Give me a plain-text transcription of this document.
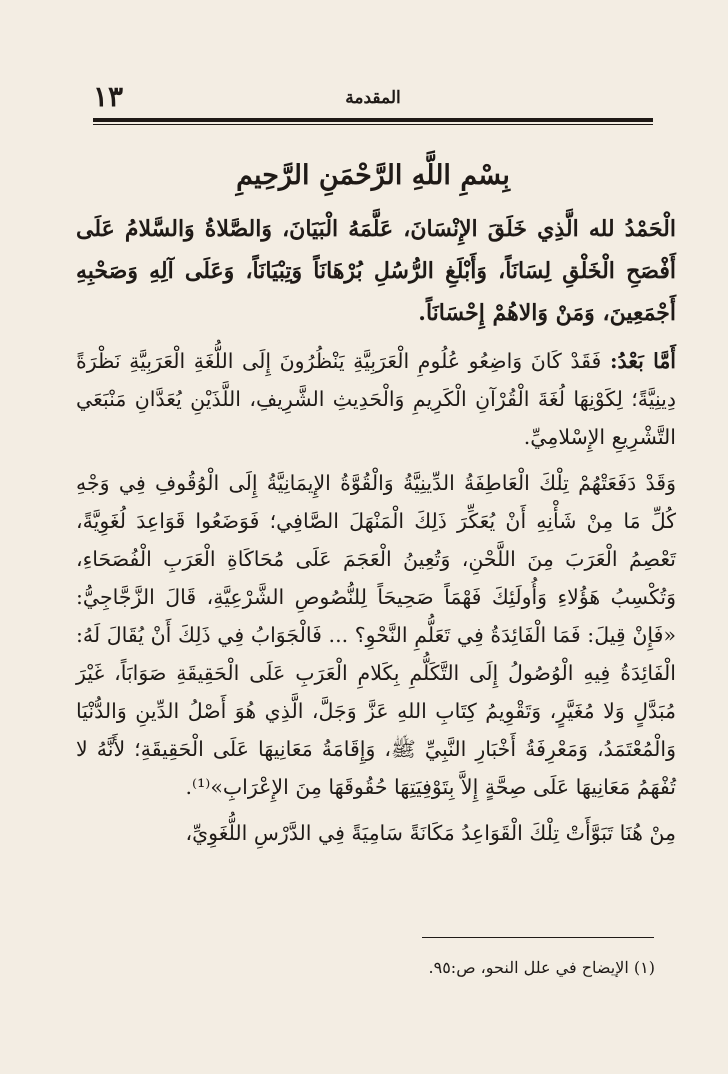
١٣	المقدمة
بِسْمِ اللَّهِ الرَّحْمَنِ الرَّحِيمِ

الْحَمْدُ لله الَّذِي خَلَقَ الإِنْسَانَ، عَلَّمَهُ الْبَيَانَ، وَالصَّلاةُ وَالسَّلامُ عَلَى أَفْصَحِ الْخَلْقِ لِسَانَاً، وَأَبْلَغِ الرُّسُلِ بُرْهَانَاً وَتِبْيَانَاً، وَعَلَى آلِهِ وَصَحْبِهِ أَجْمَعِينَ، وَمَنْ وَالاهُمْ إِحْسَانَاً.

أَمَّا بَعْدُ: فَقَدْ كَانَ وَاضِعُو عُلُومِ الْعَرَبِيَّةِ يَنْظُرُونَ إِلَى اللُّغَةِ الْعَرَبِيَّةِ نَظْرَةً دِينِيَّةً؛ لِكَوْنِهَا لُغَةَ الْقُرْآنِ الْكَرِيمِ وَالْحَدِيثِ الشَّرِيفِ، اللَّذَيْنِ يُعَدَّانِ مَنْبَعَي التَّشْرِيعِ الإِسْلامِيِّ.

وَقَدْ دَفَعَتْهُمْ تِلْكَ الْعَاطِفَةُ الدِّينِيَّةُ وَالْقُوَّةُ الإِيمَانِيَّةُ إِلَى الْوُقُوفِ فِي وَجْهِ كُلِّ مَا مِنْ شَأْنِهِ أَنْ يُعَكِّرَ ذَلِكَ الْمَنْهَلَ الصَّافِي؛ فَوَضَعُوا قَوَاعِدَ لُغَوِيَّةً، تَعْصِمُ الْعَرَبَ مِنَ اللَّحْنِ، وَتُعِينُ الْعَجَمَ عَلَى مُحَاكَاةِ الْعَرَبِ الْفُصَحَاءِ، وَتُكْسِبُ هَؤُلاءِ وَأُولَئِكَ فَهْمَاً صَحِيحَاً لِلنُّصُوصِ الشَّرْعِيَّةِ، قَالَ الزَّجَّاجِيُّ: «فَإِنْ قِيلَ: فَمَا الْفَائِدَةُ فِي تَعَلُّمِ النَّحْوِ؟ ... فَالْجَوَابُ فِي ذَلِكَ أَنْ يُقَالَ لَهُ: الْفَائِدَةُ فِيهِ الْوُصُولُ إِلَى التَّكَلُّمِ بِكَلامِ الْعَرَبِ عَلَى الْحَقِيقَةِ صَوَابَاً، غَيْرَ مُبَدَّلٍ وَلا مُغَيَّرٍ، وَتَقْوِيمُ كِتَابِ اللهِ عَزَّ وَجَلَّ، الَّذِي هُوَ أَصْلُ الدِّينِ وَالدُّنْيَا وَالْمُعْتَمَدُ، وَمَعْرِفَةُ أَخْبَارِ النَّبِيِّ ﷺ، وَإِقَامَةُ مَعَانِيهَا عَلَى الْحَقِيقَةِ؛ لأَنَّهُ لا تُفْهَمُ مَعَانِيهَا عَلَى صِحَّةٍ إِلاَّ بِتَوْفِيَتِهَا حُقُوقَهَا مِنَ الإِعْرَابِ»⁽¹⁾.

مِنْ هُنَا تَبَوَّأَتْ تِلْكَ الْقَوَاعِدُ مَكَانَةً سَامِيَةً فِي الدَّرْسِ اللُّغَوِيِّ،

(١) الإيضاح في علل النحو، ص:٩٥.
